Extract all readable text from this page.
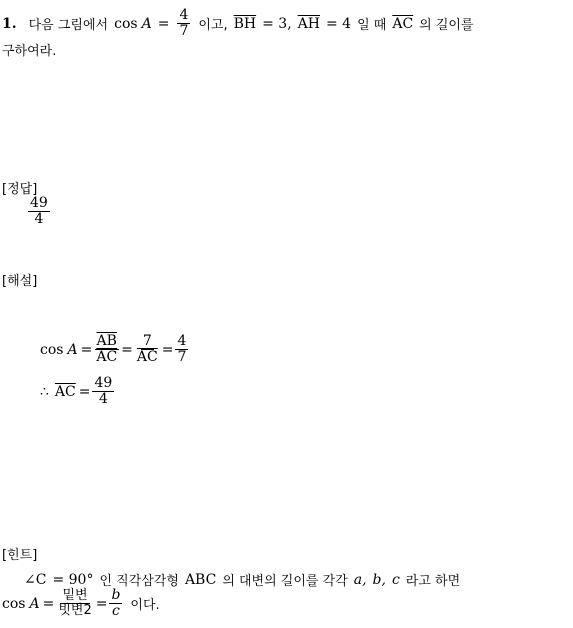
1. 다음 그림에서 $\cos A = \frac{4}{7}$ 이고, $\overline{BH} = 3$, $\overline{AH} = 4$ 일 때 $\overline{AC}$ 의 길이를
구하여라.
[정답]
$\frac{49}{4}$
[해설]
$\cos A = \frac{\overline{AB}}{AC} = \frac{7}{AC} = \frac{4}{7}$
∴ $\overline{AC} = \frac{49}{4}$
[힌트]
∠C = 90° 인 직각삼각형 ABC 의 대변의 길이를 각각 a, b, c 라고 하면
$\cos A = \frac{\text{밑변}}{\text{빗변2}} = \frac{b}{c}$ 이다.
